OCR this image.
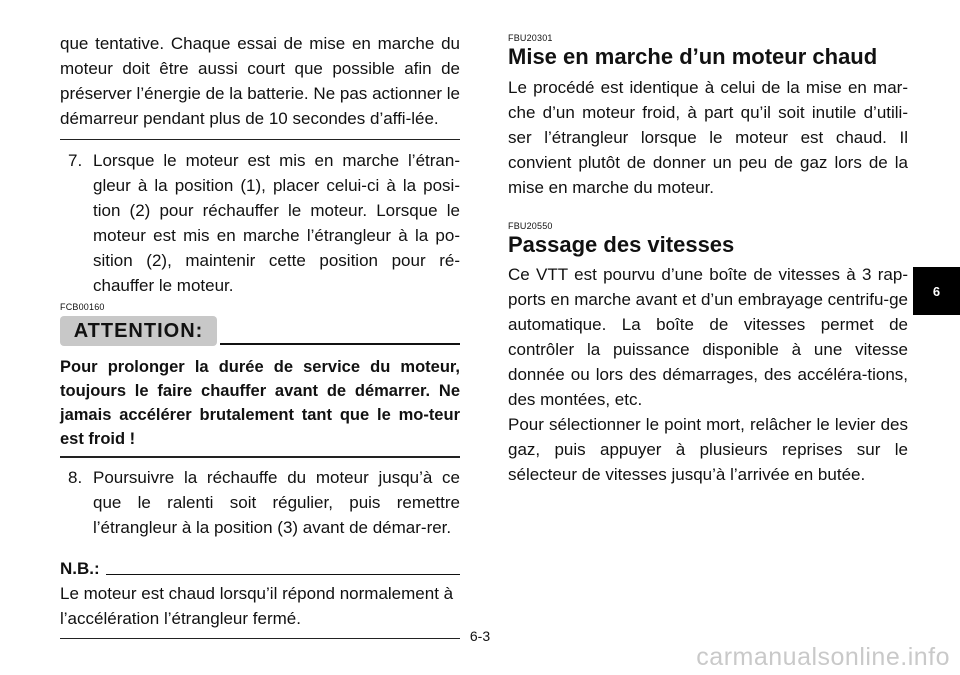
que tentative. Chaque essai de mise en marche du moteur doit être aussi court que possible afin de préserver l’énergie de la batterie. Ne pas actionner le démarreur pendant plus de 10 secondes d’affi-lée.

7. Lorsque le moteur est mis en marche l’étran-gleur à la position (1), placer celui-ci à la posi-tion (2) pour réchauffer le moteur. Lorsque le moteur est mis en marche l’étrangleur à la po-sition (2), maintenir cette position pour ré-chauffer le moteur.
FCB00160
ATTENTION:

Pour prolonger la durée de service du moteur, toujours le faire chauffer avant de démarrer. Ne jamais accélérer brutalement tant que le mo-teur est froid !

8. Poursuivre la réchauffe du moteur jusqu’à ce que le ralenti soit régulier, puis remettre l’étrangleur à la position (3) avant de démar-rer.
N.B.:

Le moteur est chaud lorsqu’il répond normalement à l’accélération l’étrangleur fermé.

FBU20301
Mise en marche d’un moteur chaud

Le procédé est identique à celui de la mise en mar-che d’un moteur froid, à part qu’il soit inutile d’utili-ser l’étrangleur lorsque le moteur est chaud. Il convient plutôt de donner un peu de gaz lors de la mise en marche du moteur.

FBU20550
Passage des vitesses

Ce VTT est pourvu d’une boîte de vitesses à 3 rap-ports en marche avant et d’un embrayage centrifu-ge automatique. La boîte de vitesses permet de contrôler la puissance disponible à une vitesse donnée ou lors des démarrages, des accéléra-tions, des montées, etc.

Pour sélectionner le point mort, relâcher le levier des gaz, puis appuyer à plusieurs reprises sur le sélecteur de vitesses jusqu’à l’arrivée en butée.

6
6-3
carmanualsonline.info
